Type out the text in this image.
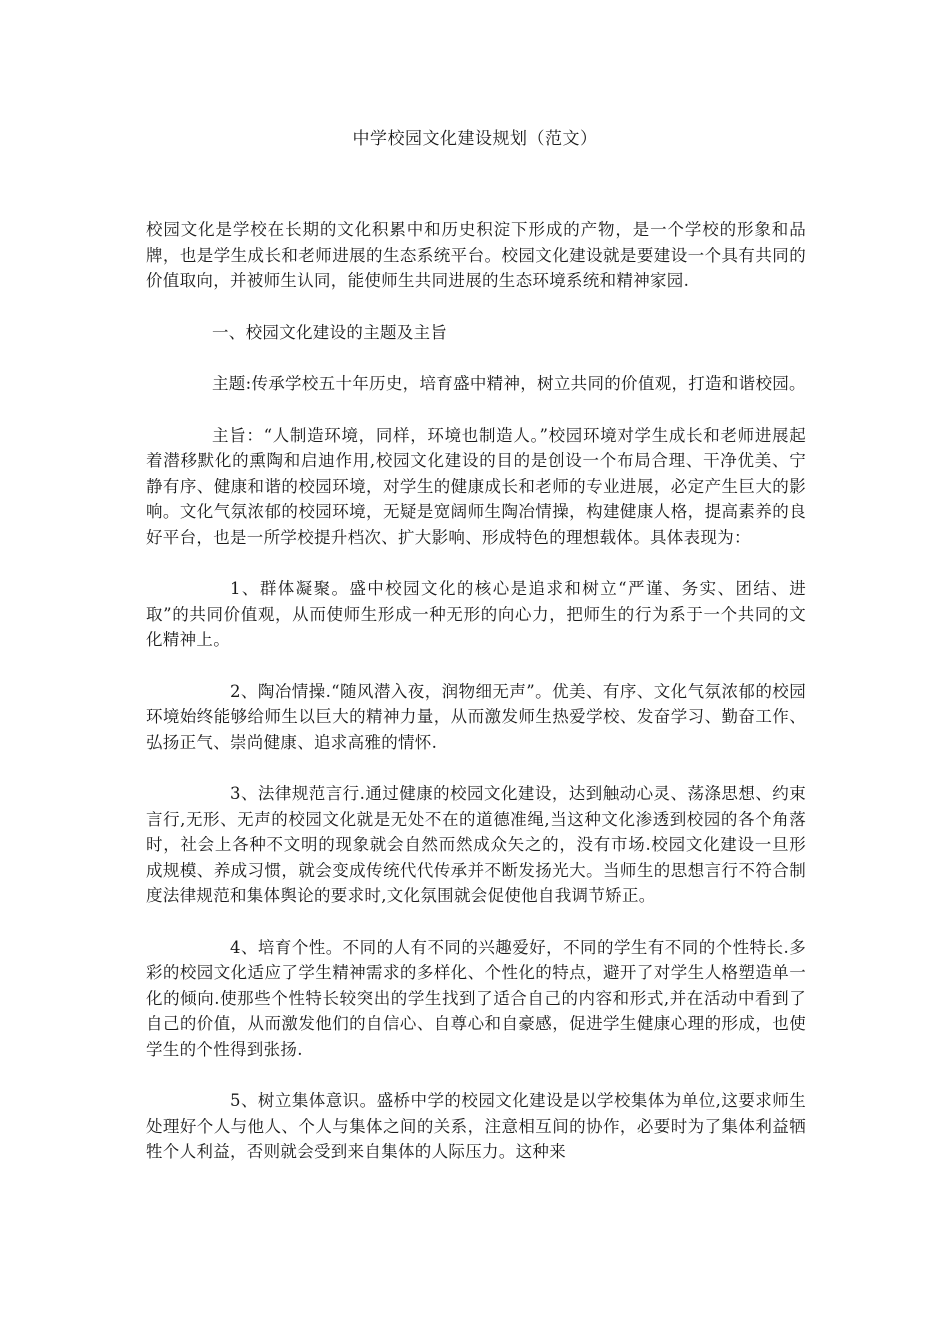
中学校园文化建设规划（范文）

校园文化是学校在长期的文化积累中和历史积淀下形成的产物，是一个学校的形象和品牌，也是学生成长和老师进展的生态系统平台。校园文化建设就是要建设一个具有共同的价值取向，并被师生认同，能使师生共同进展的生态环境系统和精神家园.

一、校园文化建设的主题及主旨

主题:传承学校五十年历史，培育盛中精神，树立共同的价值观，打造和谐校园。

主旨：“人制造环境，同样，环境也制造人。”校园环境对学生成长和老师进展起着潜移默化的熏陶和启迪作用,校园文化建设的目的是创设一个布局合理、干净优美、宁静有序、健康和谐的校园环境，对学生的健康成长和老师的专业进展，必定产生巨大的影响。文化气氛浓郁的校园环境，无疑是宽阔师生陶冶情操，构建健康人格，提高素养的良好平台，也是一所学校提升档次、扩大影响、形成特色的理想载体。具体表现为：

1、群体凝聚。盛中校园文化的核心是追求和树立“严谨、务实、团结、进取”的共同价值观，从而使师生形成一种无形的向心力，把师生的行为系于一个共同的文化精神上。

2、陶冶情操.“随风潜入夜，润物细无声”。优美、有序、文化气氛浓郁的校园环境始终能够给师生以巨大的精神力量，从而激发师生热爱学校、发奋学习、勤奋工作、弘扬正气、崇尚健康、追求高雅的情怀.

3、法律规范言行.通过健康的校园文化建设，达到触动心灵、荡涤思想、约束言行,无形、无声的校园文化就是无处不在的道德准绳,当这种文化渗透到校园的各个角落时，社会上各种不文明的现象就会自然而然成众矢之的，没有市场.校园文化建设一旦形成规模、养成习惯，就会变成传统代代传承并不断发扬光大。当师生的思想言行不符合制度法律规范和集体舆论的要求时,文化氛围就会促使他自我调节矫正。

4、培育个性。不同的人有不同的兴趣爱好，不同的学生有不同的个性特长.多彩的校园文化适应了学生精神需求的多样化、个性化的特点，避开了对学生人格塑造单一化的倾向.使那些个性特长较突出的学生找到了适合自己的内容和形式,并在活动中看到了自己的价值，从而激发他们的自信心、自尊心和自豪感，促进学生健康心理的形成，也使学生的个性得到张扬.

5、树立集体意识。盛桥中学的校园文化建设是以学校集体为单位,这要求师生处理好个人与他人、个人与集体之间的关系，注意相互间的协作，必要时为了集体利益牺牲个人利益，否则就会受到来自集体的人际压力。这种来
